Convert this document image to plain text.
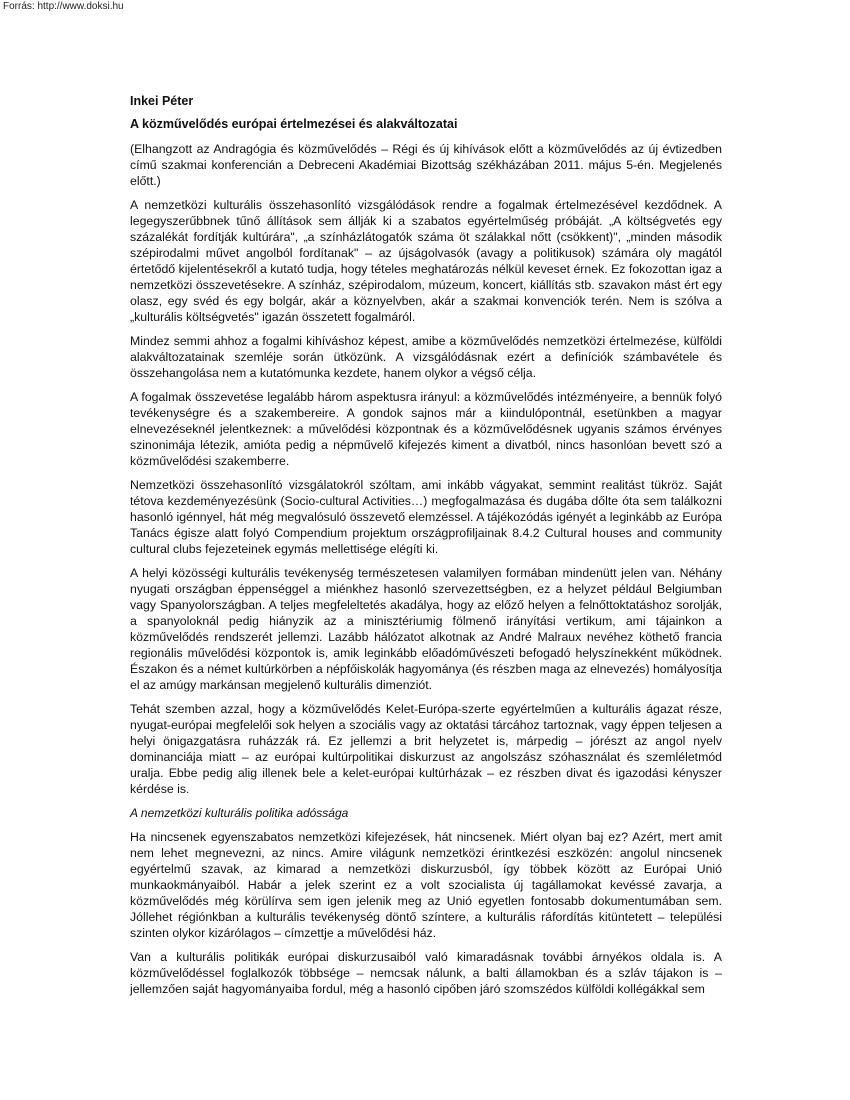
Forrás: http://www.doksi.hu
Inkei Péter
A közművelődés európai értelmezései és alakváltozatai

(Elhangzott az Andragógia és közművelődés – Régi és új kihívások előtt a közművelődés az új évtizedben című szakmai konferencián a Debreceni Akadémiai Bizottság székházában 2011. május 5-én. Megjelenés előtt.)

A nemzetközi kulturális összehasonlító vizsgálódások rendre a fogalmak értelmezésével kezdődnek. A legegyszerűbbnek tűnő állítások sem állják ki a szabatos egyértelműség próbáját. „A költségvetés egy százalékát fordítják kultúrára", „a színházlátogatók száma öt szálakkal nőtt (csökkent)", „minden második szépirodalmi művet angolból fordítanak" – az újságolvasók (avagy a politikusok) számára oly magától értetődő kijelentésekről a kutató tudja, hogy tételes meghatározás nélkül keveset érnek. Ez fokozottan igaz a nemzetközi összevetésekre. A színház, szépirodalom, múzeum, koncert, kiállítás stb. szavakon mást ért egy olasz, egy svéd és egy bolgár, akár a köznyelvben, akár a szakmai konvenciók terén. Nem is szólva a „kulturális költségvetés" igazán összetett fogalmáról.

Mindez semmi ahhoz a fogalmi kihíváshoz képest, amibe a közművelődés nemzetközi értelmezése, külföldi alakváltozatainak szemléje során ütközünk. A vizsgálódásnak ezért a definíciók számbavétele és összehangolása nem a kutatómunka kezdete, hanem olykor a végső célja.

A fogalmak összevetése legalább három aspektusra irányul: a közművelődés intézményeire, a bennük folyó tevékenységre és a szakembereire. A gondok sajnos már a kiindulópontnál, esetünkben a magyar elnevezéseknél jelentkeznek: a művelődési központnak és a közművelődésnek ugyanis számos érvényes szinonimája létezik, amióta pedig a népművelő kifejezés kiment a divatból, nincs hasonlóan bevett szó a közművelődési szakemberre.

Nemzetközi összehasonlító vizsgálatokról szóltam, ami inkább vágyakat, semmint realitást tükröz. Saját tétova kezdeményezésünk (Socio-cultural Activities…) megfogalmazása és dugába dőlte óta sem találkozni hasonló igénnyel, hát még megvalósuló összevető elemzéssel. A tájékozódás igényét a leginkább az Európa Tanács égisze alatt folyó Compendium projektum országprofiljainak 8.4.2 Cultural houses and community cultural clubs fejezeteinek egymás mellettisége elégíti ki.

A helyi közösségi kulturális tevékenység természetesen valamilyen formában mindenütt jelen van. Néhány nyugati országban éppenséggel a miénkhez hasonló szervezettségben, ez a helyzet például Belgiumban vagy Spanyolországban. A teljes megfeleltetés akadálya, hogy az előző helyen a felnőttoktatáshoz sorolják, a spanyoloknál pedig hiányzik az a minisztériumig fölmenő irányítási vertikum, ami tájainkon a közművelődés rendszerét jellemzi. Lazább hálózatot alkotnak az André Malraux nevéhez köthető francia regionális művelődési központok is, amik leginkább előadóművészeti befogadó helyszínekként működnek. Északon és a német kultúrkörben a népfőiskolák hagyománya (és részben maga az elnevezés) homályosítja el az amúgy markánsan megjelenő kulturális dimenziót.

Tehát szemben azzal, hogy a közművelődés Kelet-Európa-szerte egyértelműen a kulturális ágazat része, nyugat-európai megfelelői sok helyen a szociális vagy az oktatási tárcához tartoznak, vagy éppen teljesen a helyi önigazgatásra ruházzák rá. Ez jellemzi a brit helyzetet is, márpedig – jórészt az angol nyelv dominanciája miatt – az európai kultúrpolitikai diskurzust az angolszász szóhasználat és szemléletmód uralja. Ebbe pedig alig illenek bele a kelet-európai kultúrházak – ez részben divat és igazodási kényszer kérdése is.

A nemzetközi kulturális politika adóssága

Ha nincsenek egyenszabatos nemzetközi kifejezések, hát nincsenek. Miért olyan baj ez? Azért, mert amit nem lehet megnevezni, az nincs. Amire világunk nemzetközi érintkezési eszközén: angolul nincsenek egyértelmű szavak, az kimarad a nemzetközi diskurzusból, így többek között az Európai Unió munkaokmányaiból. Habár a jelek szerint ez a volt szocialista új tagállamokat kevéssé zavarja, a közművelődés még körülírva sem igen jelenik meg az Unió egyetlen fontosabb dokumentumában sem. Jóllehet régiónkban a kulturális tevékenység döntő színtere, a kulturális ráfordítás kitüntetett – települési szinten olykor kizárólagos – címzettje a művelődési ház.

Van a kulturális politikák európai diskurzusaiból való kimaradásnak további árnyékos oldala is. A közművelődéssel foglalkozók többsége – nemcsak nálunk, a balti államokban és a szláv tájakon is – jellemzően saját hagyományaiba fordul, még a hasonló cipőben járó szomszédos külföldi kollégákkal sem
